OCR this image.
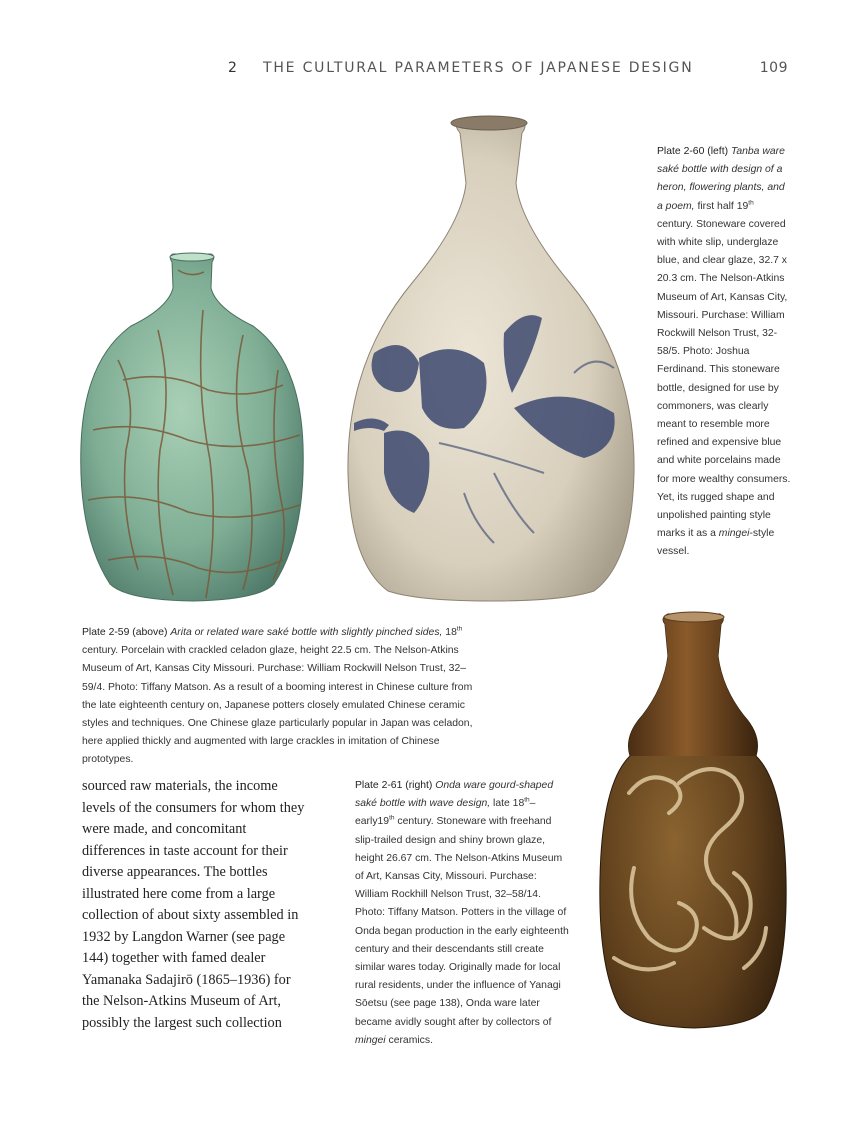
2 THE CULTURAL PARAMETERS OF JAPANESE DESIGN	109

Plate 2-60 (left) Tanba ware saké bottle with design of a heron, flowering plants, and a poem, first half 19th century. Stoneware covered with white slip, underglaze blue, and clear glaze, 32.7 x 20.3 cm. The Nelson-Atkins Museum of Art, Kansas City, Missouri. Purchase: William Rockwill Nelson Trust, 32-58/5. Photo: Joshua Ferdinand. This stoneware bottle, designed for use by commoners, was clearly meant to resemble more refined and expensive blue and white porcelains made for more wealthy consumers. Yet, its rugged shape and unpolished painting style marks it as a mingei-style vessel.

Plate 2-59 (above) Arita or related ware saké bottle with slightly pinched sides, 18th century. Porcelain with crackled celadon glaze, height 22.5 cm. The Nelson-Atkins Museum of Art, Kansas City Missouri. Purchase: William Rockwill Nelson Trust, 32–59/4. Photo: Tiffany Matson. As a result of a booming interest in Chinese culture from the late eighteenth century on, Japanese potters closely emulated Chinese ceramic styles and techniques. One Chinese glaze particularly popular in Japan was celadon, here applied thickly and augmented with large crackles in imitation of Chinese prototypes.

sourced raw materials, the income levels of the consumers for whom they were made, and concomitant differences in taste account for their diverse appearances. The bottles illustrated here come from a large collection of about sixty assembled in 1932 by Langdon Warner (see page 144) together with famed dealer Yamanaka Sadajirō (1865–1936) for the Nelson-Atkins Museum of Art, possibly the largest such collection

Plate 2-61 (right) Onda ware gourd-shaped saké bottle with wave design, late 18th–early19th century. Stoneware with freehand slip-trailed design and shiny brown glaze, height 26.67 cm. The Nelson-Atkins Museum of Art, Kansas City, Missouri. Purchase: William Rockhill Nelson Trust, 32–58/14. Photo: Tiffany Matson. Potters in the village of Onda began production in the early eighteenth century and their descendants still create similar wares today. Originally made for local rural residents, under the influence of Yanagi Sōetsu (see page 138), Onda ware later became avidly sought after by collectors of mingei ceramics.
